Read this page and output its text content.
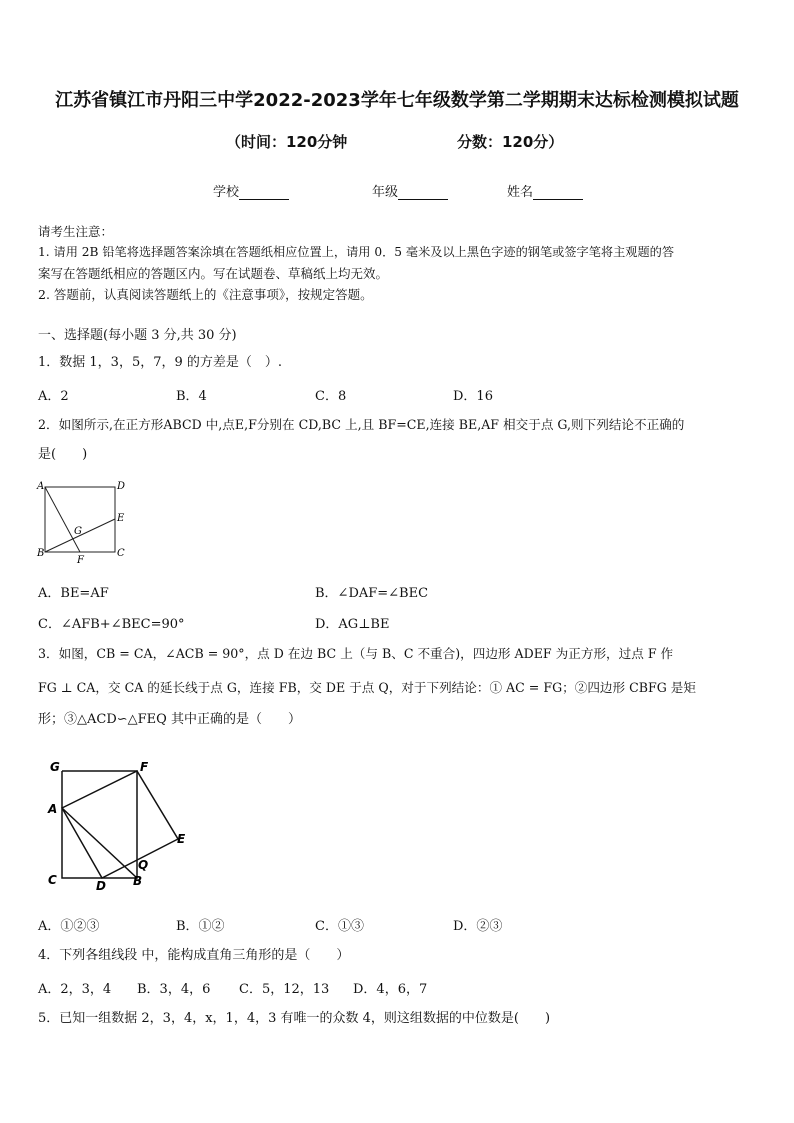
江苏省镇江市丹阳三中学2022-2023学年七年级数学第二学期期末达标检测模拟试题
（时间：120分钟	分数：120分）
学校	年级	姓名
请考生注意：
1. 请用 2B 铅笔将选择题答案涂填在答题纸相应位置上，请用 0．5 毫米及以上黑色字迹的钢笔或签字笔将主观题的答
案写在答题纸相应的答题区内。写在试题卷、草稿纸上均无效。
2. 答题前，认真阅读答题纸上的《注意事项》，按规定答题。
一、选择题(每小题 3 分,共 30 分)
1．数据 1，3，5，7，9 的方差是（　）.
A．2	B．4	C．8	D．16
2．如图所示,在正方形ABCD 中,点E,F分别在 CD,BC 上,且 BF=CE,连接 BE,AF 相交于点 G,则下列结论不正确的
是(　　)
A	D
E
G
B
F
C
A．BE=AF	B．∠DAF=∠BEC
C．∠AFB+∠BEC=90°	D．AG⊥BE
3．如图，CB = CA，∠ACB = 90°，点 D 在边 BC 上（与 B、C 不重合)，四边形 ADEF 为正方形，过点 F 作
FG ⊥ CA，交 CA 的延长线于点 G，连接 FB，交 DE 于点 Q，对于下列结论：① AC = FG；②四边形 CBFG 是矩
形；③△ACD∽△FEQ 其中正确的是（　　）
G	F
A
E
Q
C	D B
A．①②③	B．①②	C．①③	D．②③
4．下列各组线段 中，能构成直角三角形的是（　　）
A．2，3，4 B．3，4，6 C．5，12，13 D．4，6，7
5．已知一组数据 2，3，4，x，1，4，3 有唯一的众数 4，则这组数据的中位数是(　　)
